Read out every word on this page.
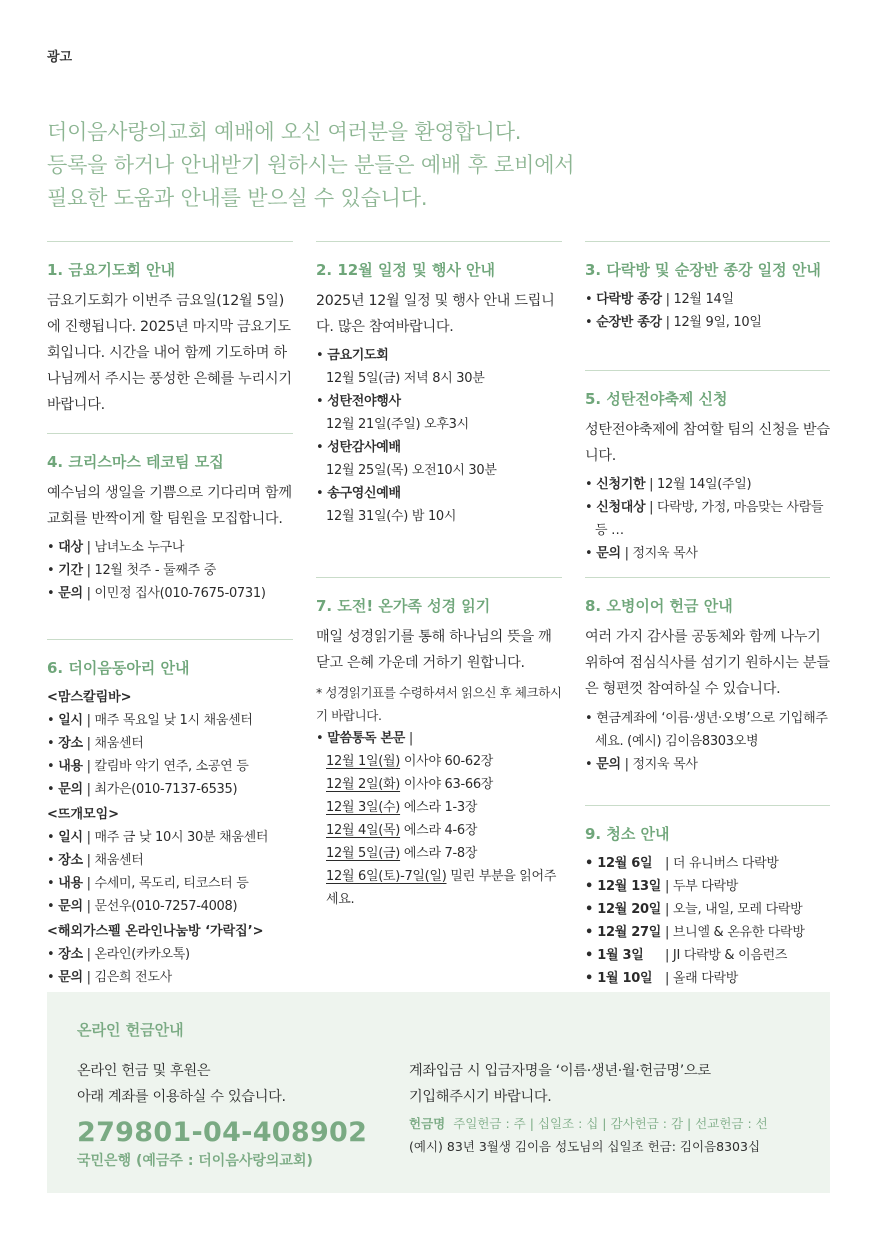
광고
더이음사랑의교회 예배에 오신 여러분을 환영합니다.
등록을 하거나 안내받기 원하시는 분들은 예배 후 로비에서
필요한 도움과 안내를 받으실 수 있습니다.
1. 금요기도회 안내
금요기도회가 이번주 금요일(12월 5일)에 진행됩니다. 2025년 마지막 금요기도회입니다. 시간을 내어 함께 기도하며 하나님께서 주시는 풍성한 은혜를 누리시기 바랍니다.
4. 크리스마스 테코팀 모집
예수님의 생일을 기쁨으로 기다리며 함께 교회를 반짝이게 할 팀원을 모집합니다.
• 대상 | 남녀노소 누구나
• 기간 | 12월 첫주 - 둘째주 중
• 문의 | 이민정 집사(010-7675-0731)
6. 더이음동아리 안내
<맘스칼림바>
• 일시 | 매주 목요일 낮 1시 채움센터
• 장소 | 채움센터
• 내용 | 칼림바 악기 연주, 소공연 등
• 문의 | 최가은(010-7137-6535)
<뜨개모임>
• 일시 | 매주 금 낮 10시 30분 채움센터
• 장소 | 채움센터
• 내용 | 수세미, 목도리, 티코스터 등
• 문의 | 문선우(010-7257-4008)
<해외가스펠 온라인나눔방 ‘가락집’>
• 장소 | 온라인(카카오톡)
• 문의 | 김은희 전도사
2. 12월 일정 및 행사 안내
2025년 12월 일정 및 행사 안내 드립니다. 많은 참여바랍니다.
• 금요기도회
12월 5일(금) 저녁 8시 30분
• 성탄전야행사
12월 21일(주일) 오후3시
• 성탄감사예배
12월 25일(목) 오전10시 30분
• 송구영신예배
12월 31일(수) 밤 10시
7. 도전! 온가족 성경 읽기
매일 성경읽기를 통해 하나님의 뜻을 깨닫고 은혜 가운데 거하기 원합니다.
* 성경읽기표를 수령하셔서 읽으신 후 체크하시기 바랍니다.
• 말씀통독 본문 |
12월 1일(월) 이사야 60-62장
12월 2일(화) 이사야 63-66장
12월 3일(수) 에스라 1-3장
12월 4일(목) 에스라 4-6장
12월 5일(금) 에스라 7-8장
12월 6일(토)-7일(일) 밀린 부분을 읽어주세요.
3. 다락방 및 순장반 종강 일정 안내
• 다락방 종강 | 12월 14일
• 순장반 종강 | 12월 9일, 10일
5. 성탄전야축제 신청
성탄전야축제에 참여할 팀의 신청을 받습니다.
• 신청기한 | 12월 14일(주일)
• 신청대상 | 다락방, 가정, 마음맞는 사람들 등 …
• 문의 | 정지욱 목사
8. 오병이어 헌금 안내
여러 가지 감사를 공동체와 함께 나누기 위하여 점심식사를 섬기기 원하시는 분들은 형편껏 참여하실 수 있습니다.
• 현금계좌에 ‘이름·생년·오병’으로 기입해주세요. (예시) 김이음8303오병
• 문의 | 정지욱 목사
9. 청소 안내
• 12월 6일 | 더 유니버스 다락방
• 12월 13일 | 두부 다락방
• 12월 20일 | 오늘, 내일, 모레 다락방
• 12월 27일 | 브니엘 & 온유한 다락방
• 1월 3일	| JI 다락방 & 이음런즈
• 1월 10일 | 올래 다락방
온라인 헌금안내
온라인 헌금 및 후원은
아래 계좌를 이용하실 수 있습니다.
279801-04-408902
국민은행 (예금주 : 더이음사랑의교회)
계좌입금 시 입금자명을 ‘이름·생년·월·헌금명’으로
기입해주시기 바랍니다.
헌금명 주일헌금 : 주 | 십일조 : 십 | 감사헌금 : 감 | 선교헌금 : 선
(예시) 83년 3월생 김이음 성도님의 십일조 헌금: 김이음8303십
